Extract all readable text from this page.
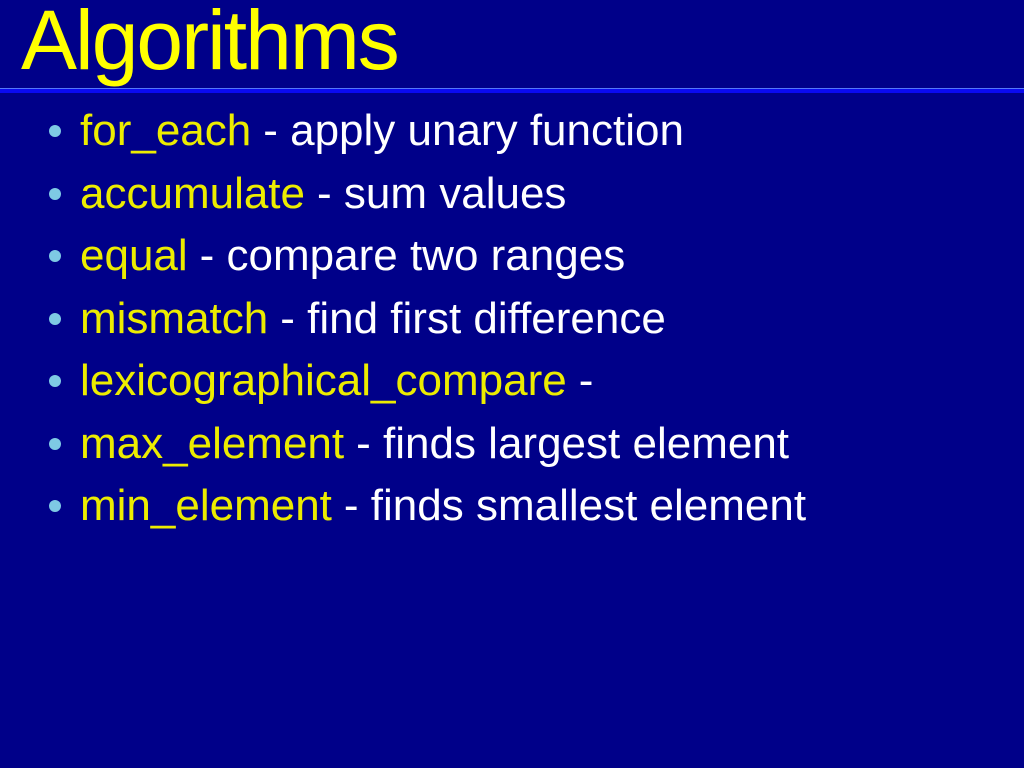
Algorithms
for_each - apply unary function
accumulate - sum values
equal - compare two ranges
mismatch - find first difference
lexicographical_compare -
max_element - finds largest element
min_element - finds smallest element
